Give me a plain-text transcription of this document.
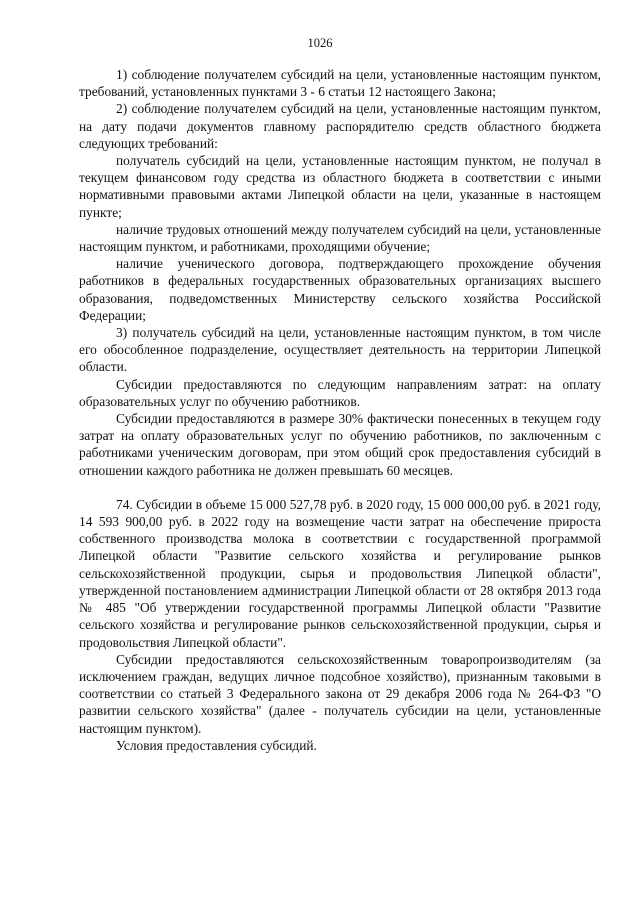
1026

1) соблюдение получателем субсидий на цели, установленные настоящим пунктом, требований, установленных пунктами 3 - 6 статьи 12 настоящего Закона;

2) соблюдение получателем субсидий на цели, установленные настоящим пунктом, на дату подачи документов главному распорядителю средств областного бюджета следующих требований:

получатель субсидий на цели, установленные настоящим пунктом, не получал в текущем финансовом году средства из областного бюджета в соответствии с иными нормативными правовыми актами Липецкой области на цели, указанные в настоящем пункте;

наличие трудовых отношений между получателем субсидий на цели, установленные настоящим пунктом, и работниками, проходящими обучение;

наличие ученического договора, подтверждающего прохождение обучения работников в федеральных государственных образовательных организациях высшего образования, подведомственных Министерству сельского хозяйства Российской Федерации;

3) получатель субсидий на цели, установленные настоящим пунктом, в том числе его обособленное подразделение, осуществляет деятельность на территории Липецкой области.

Субсидии предоставляются по следующим направлениям затрат: на оплату образовательных услуг по обучению работников.

Субсидии предоставляются в размере 30% фактически понесенных в текущем году затрат на оплату образовательных услуг по обучению работников, по заключенным с работниками ученическим договорам, при этом общий срок предоставления субсидий в отношении каждого работника не должен превышать 60 месяцев.

74. Субсидии в объеме 15 000 527,78 руб. в 2020 году, 15 000 000,00 руб. в 2021 году, 14 593 900,00 руб. в 2022 году на возмещение части затрат на обеспечение прироста собственного производства молока в соответствии с государственной программой Липецкой области "Развитие сельского хозяйства и регулирование рынков сельскохозяйственной продукции, сырья и продовольствия Липецкой области", утвержденной постановлением администрации Липецкой области от 28 октября 2013 года № 485 "Об утверждении государственной программы Липецкой области "Развитие сельского хозяйства и регулирование рынков сельскохозяйственной продукции, сырья и продовольствия Липецкой области".

Субсидии предоставляются сельскохозяйственным товаропроизводителям (за исключением граждан, ведущих личное подсобное хозяйство), признанным таковыми в соответствии со статьей 3 Федерального закона от 29 декабря 2006 года № 264-ФЗ "О развитии сельского хозяйства" (далее - получатель субсидии на цели, установленные настоящим пунктом).

Условия предоставления субсидий.
